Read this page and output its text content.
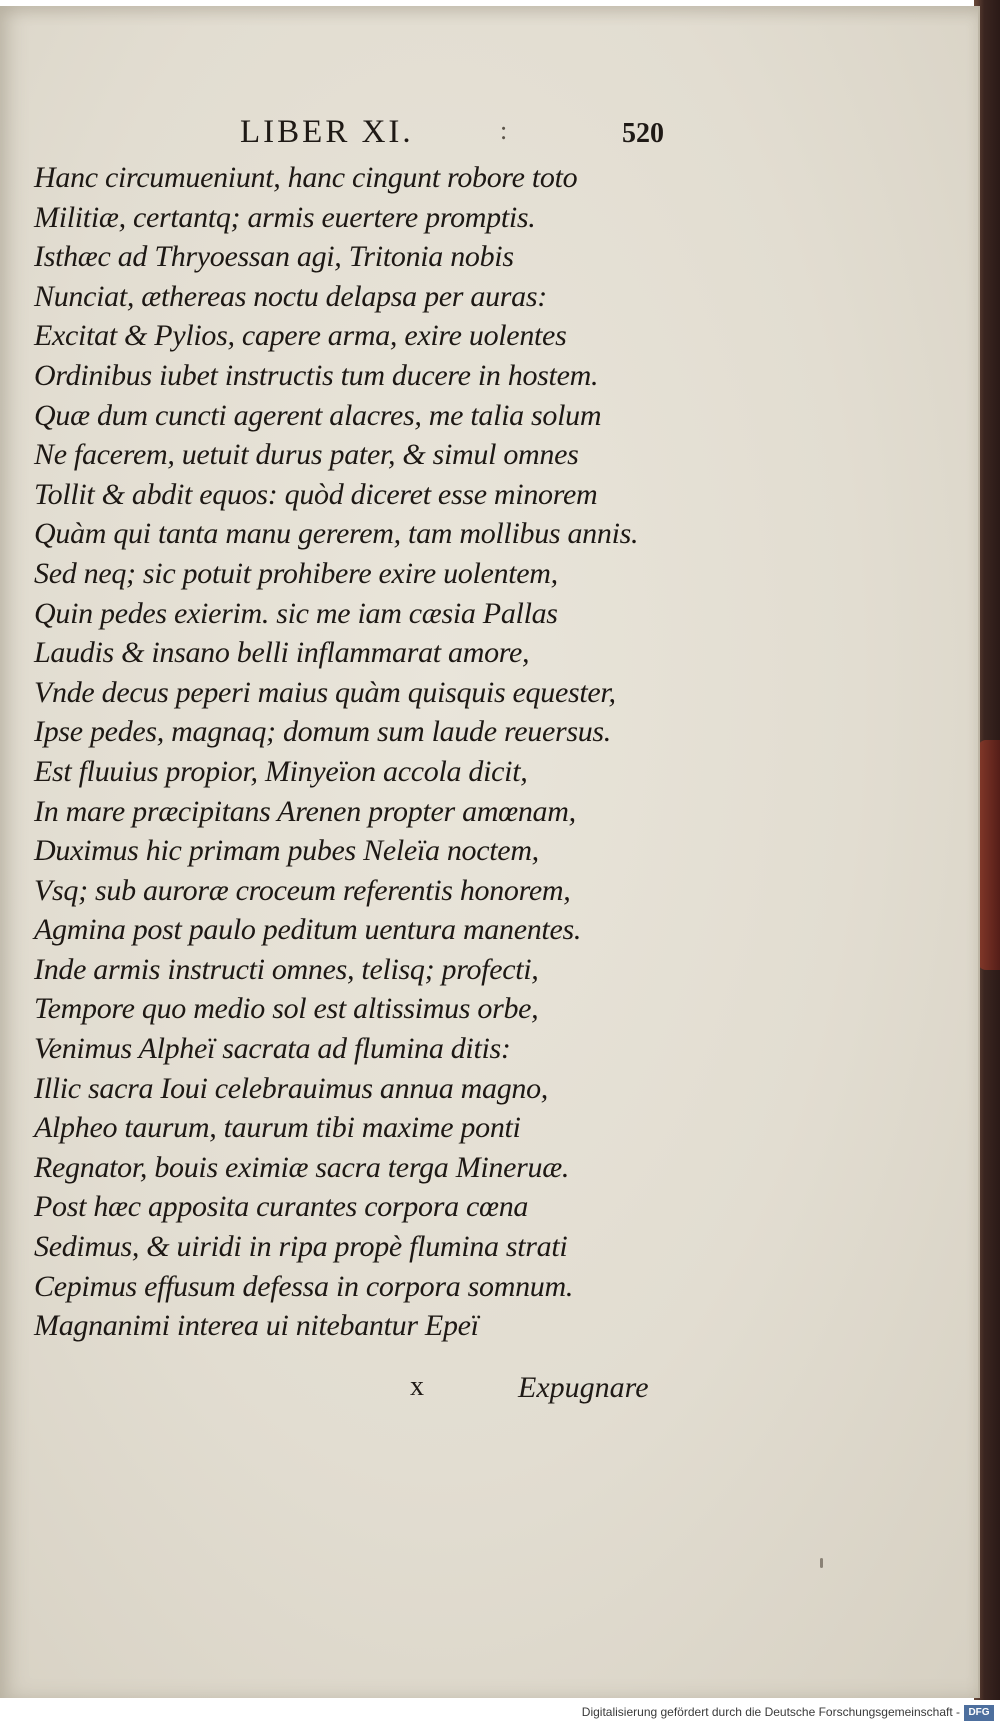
LIBER XI.	:	520
Hanc circumueniunt, hanc cingunt robore toto
Militiæ, certantq; armis euertere promptis.
Isthæc ad Thryoessan agi, Tritonia nobis
Nunciat, æthereas noctu delapsa per auras:
Excitat & Pylios, capere arma, exire uolentes
Ordinibus iubet instructis tum ducere in hostem.
Quæ dum cuncti agerent alacres, me talia solum
Ne facerem, uetuit durus pater, & simul omnes
Tollit & abdit equos: quòd diceret esse minorem
Quàm qui tanta manu gererem, tam mollibus annis.
Sed neq; sic potuit prohibere exire uolentem,
Quin pedes exierim. sic me iam cæsia Pallas
Laudis & insano belli inflammarat amore,
Vnde decus peperi maius quàm quisquis equester,
Ipse pedes, magnaq; domum sum laude reuersus.
Est fluuius propior, Minyeïon accola dicit,
In mare præcipitans Arenen propter amœnam,
Duximus hic primam pubes Neleïa noctem,
Vsq; sub auroræ croceum referentis honorem,
Agmina post paulo peditum uentura manentes.
Inde armis instructi omnes, telisq; profecti,
Tempore quo medio sol est altissimus orbe,
Venimus Alpheï sacrata ad flumina ditis:
Illic sacra Ioui celebrauimus annua magno,
Alpheo taurum, taurum tibi maxime ponti
Regnator, bouis eximiæ sacra terga Mineruæ.
Post hæc apposita curantes corpora cœna
Sedimus, & uiridi in ripa propè flumina strati
Cepimus effusum defessa in corpora somnum.
Magnanimi interea ui nitebantur Epeï
x	Expugnare
Digitalisierung gefördert durch die Deutsche Forschungsgemeinschaft - DFG
